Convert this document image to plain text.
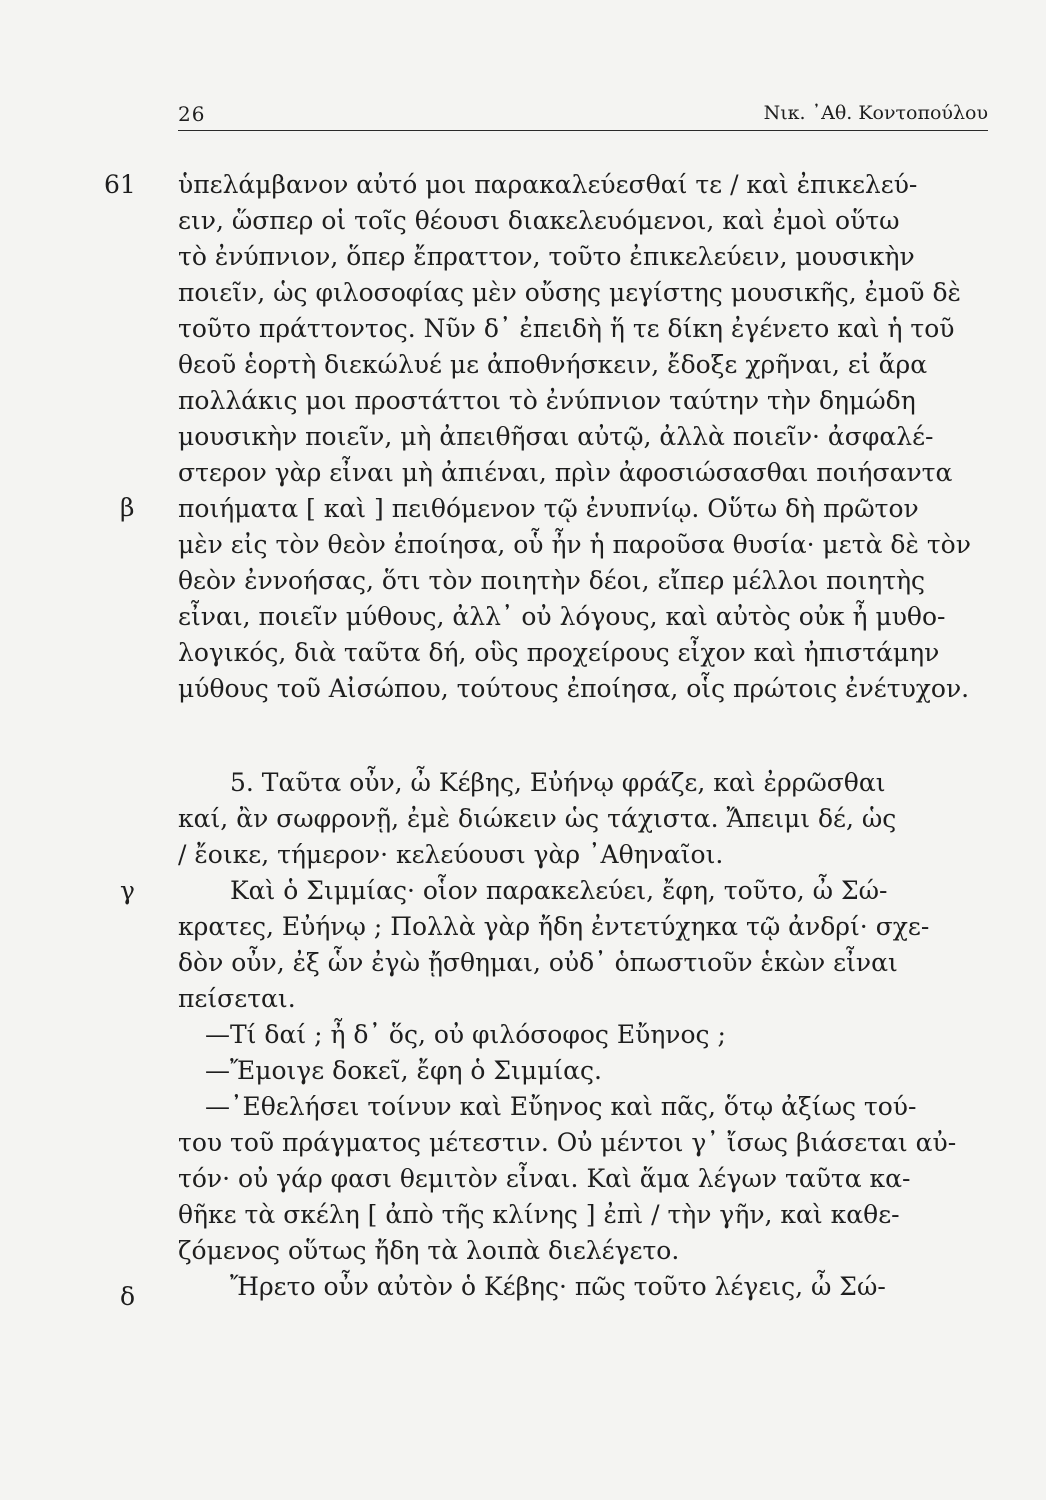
26	Νικ. ᾿Αθ. Κοντοπούλου
61
β
γ
δ
ὑπελάμβανον αὐτό μοι παρακαλεύεσθαί τε / καὶ ἐπικελεύ-
ειν, ὥσπερ οἱ τοῖς θέουσι διακελευόμενοι, καὶ ἐμοὶ οὕτω
τὸ ἐνύπνιον, ὅπερ ἔπραττον, τοῦτο ἐπικελεύειν, μουσικὴν
ποιεῖν, ὡς φιλοσοφίας μὲν οὔσης μεγίστης μουσικῆς, ἐμοῦ δὲ
τοῦτο πράττοντος. Νῦν δ᾿ ἐπειδὴ ἥ τε δίκη ἐγένετο καὶ ἡ τοῦ
θεοῦ ἑορτὴ διεκώλυέ με ἀποθνήσκειν, ἔδοξε χρῆναι, εἰ ἄρα
πολλάκις μοι προστάττοι τὸ ἐνύπνιον ταύτην τὴν δημώδη
μουσικὴν ποιεῖν, μὴ ἀπειθῆσαι αὐτῷ, ἀλλὰ ποιεῖν· ἀσφαλέ-
στερον γὰρ εἶναι μὴ ἀπιέναι, πρὶν ἀφοσιώσασθαι ποιήσαντα
ποιήματα [ καὶ ] πειθόμενον τῷ ἐνυπνίῳ. Οὕτω δὴ πρῶτον
μὲν εἰς τὸν θεὸν ἐποίησα, οὗ ἦν ἡ παροῦσα θυσία· μετὰ δὲ τὸν
θεὸν ἐννοήσας, ὅτι τὸν ποιητὴν δέοι, εἴπερ μέλλοι ποιητὴς
εἶναι, ποιεῖν μύθους, ἀλλ᾿ οὐ λόγους, καὶ αὐτὸς οὐκ ἦ μυθο-
λογικός, διὰ ταῦτα δή, οὓς προχείρους εἶχον καὶ ἠπιστάμην
μύθους τοῦ Αἰσώπου, τούτους ἐποίησα, οἷς πρώτοις ἐνέτυχον.
5. Ταῦτα οὖν, ὦ Κέβης, Εὐήνῳ φράζε, καὶ ἐρρῶσθαι
καί, ἂν σωφρονῇ, ἐμὲ διώκειν ὡς τάχιστα. Ἄπειμι δέ, ὡς
/ ἔοικε, τήμερον· κελεύουσι γὰρ ᾿Αθηναῖοι.
Καὶ ὁ Σιμμίας· οἷον παρακελεύει, ἔφη, τοῦτο, ὦ Σώ-
κρατες, Εὐήνῳ ; Πολλὰ γὰρ ἤδη ἐντετύχηκα τῷ ἀνδρί· σχε-
δὸν οὖν, ἐξ ὧν ἐγὼ ᾔσθημαι, οὐδ᾿ ὁπωστιοῦν ἑκὼν εἶναι
πείσεται.
—Τί δαί ; ἦ δ᾿ ὅς, οὐ φιλόσοφος Εὔηνος ;
—Ἔμοιγε δοκεῖ, ἔφη ὁ Σιμμίας.
—᾿Εθελήσει τοίνυν καὶ Εὔηνος καὶ πᾶς, ὅτῳ ἀξίως τού-
του τοῦ πράγματος μέτεστιν. Οὐ μέντοι γ᾿ ἴσως βιάσεται αὐ-
τόν· οὐ γάρ φασι θεμιτὸν εἶναι. Καὶ ἅμα λέγων ταῦτα κα-
θῆκε τὰ σκέλη [ ἀπὸ τῆς κλίνης ] ἐπὶ / τὴν γῆν, καὶ καθε-
ζόμενος οὕτως ἤδη τὰ λοιπὰ διελέγετο.
Ἤρετο οὖν αὐτὸν ὁ Κέβης· πῶς τοῦτο λέγεις, ὦ Σώ-
